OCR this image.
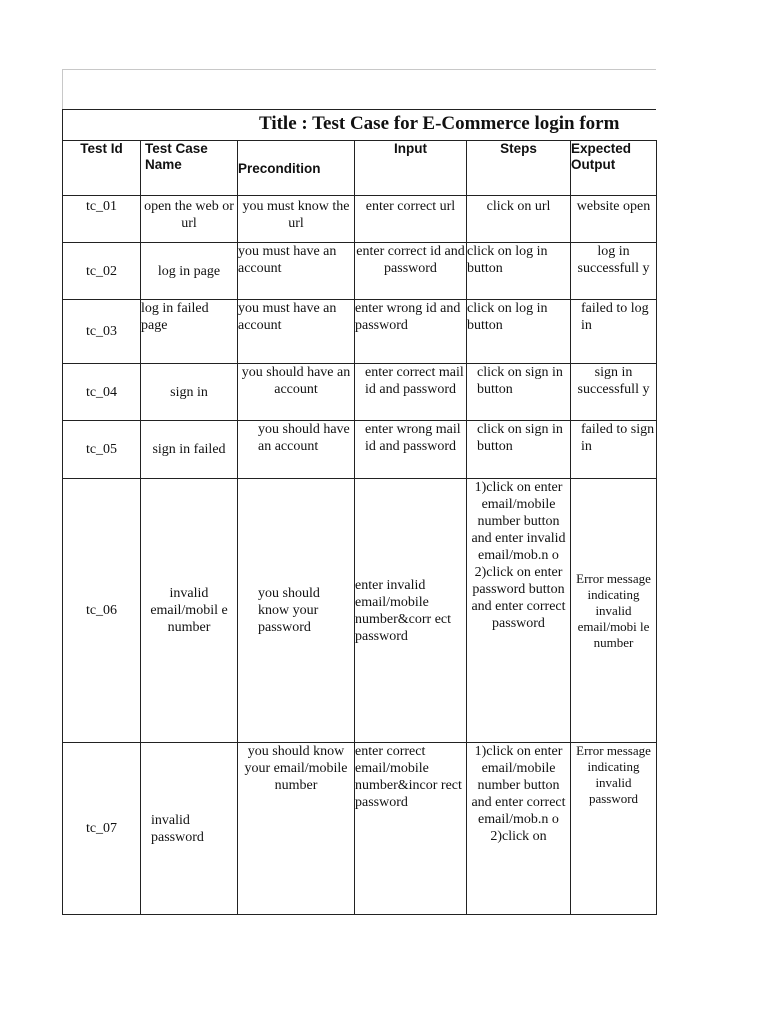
Title : Test Case for E-Commerce login form
Test Id	Test Case Name	Precondition	Input	Steps	Expected Output
tc_01	open the web or url	you must know the url	enter correct url	click on url	website open
tc_02	log in page	you must have an account	enter correct id and password	click on log in button	log in successfull y
tc_03	log in failed page	you must have an account	enter wrong id and password	click on log in button	failed to log in
tc_04	sign in	you should have an account	enter correct mail id and password	click on sign in button	sign in successfull y
tc_05	sign in failed	you should have an account	enter wrong mail id and password	click on sign in button	failed to sign in
tc_06	invalid email/mobil e number	you should know your password	enter invalid email/mobile number&corr ect password	1)click on enter email/mobile number button and enter invalid email/mob.n o 2)click on enter password button and enter correct password	Error message indicating invalid email/mobi le number
tc_07	invalid password	you should know your email/mobile number	enter correct email/mobile number&incor rect password	1)click on enter email/mobile number button and enter correct email/mob.n o 2)click on	Error message indicating invalid password
